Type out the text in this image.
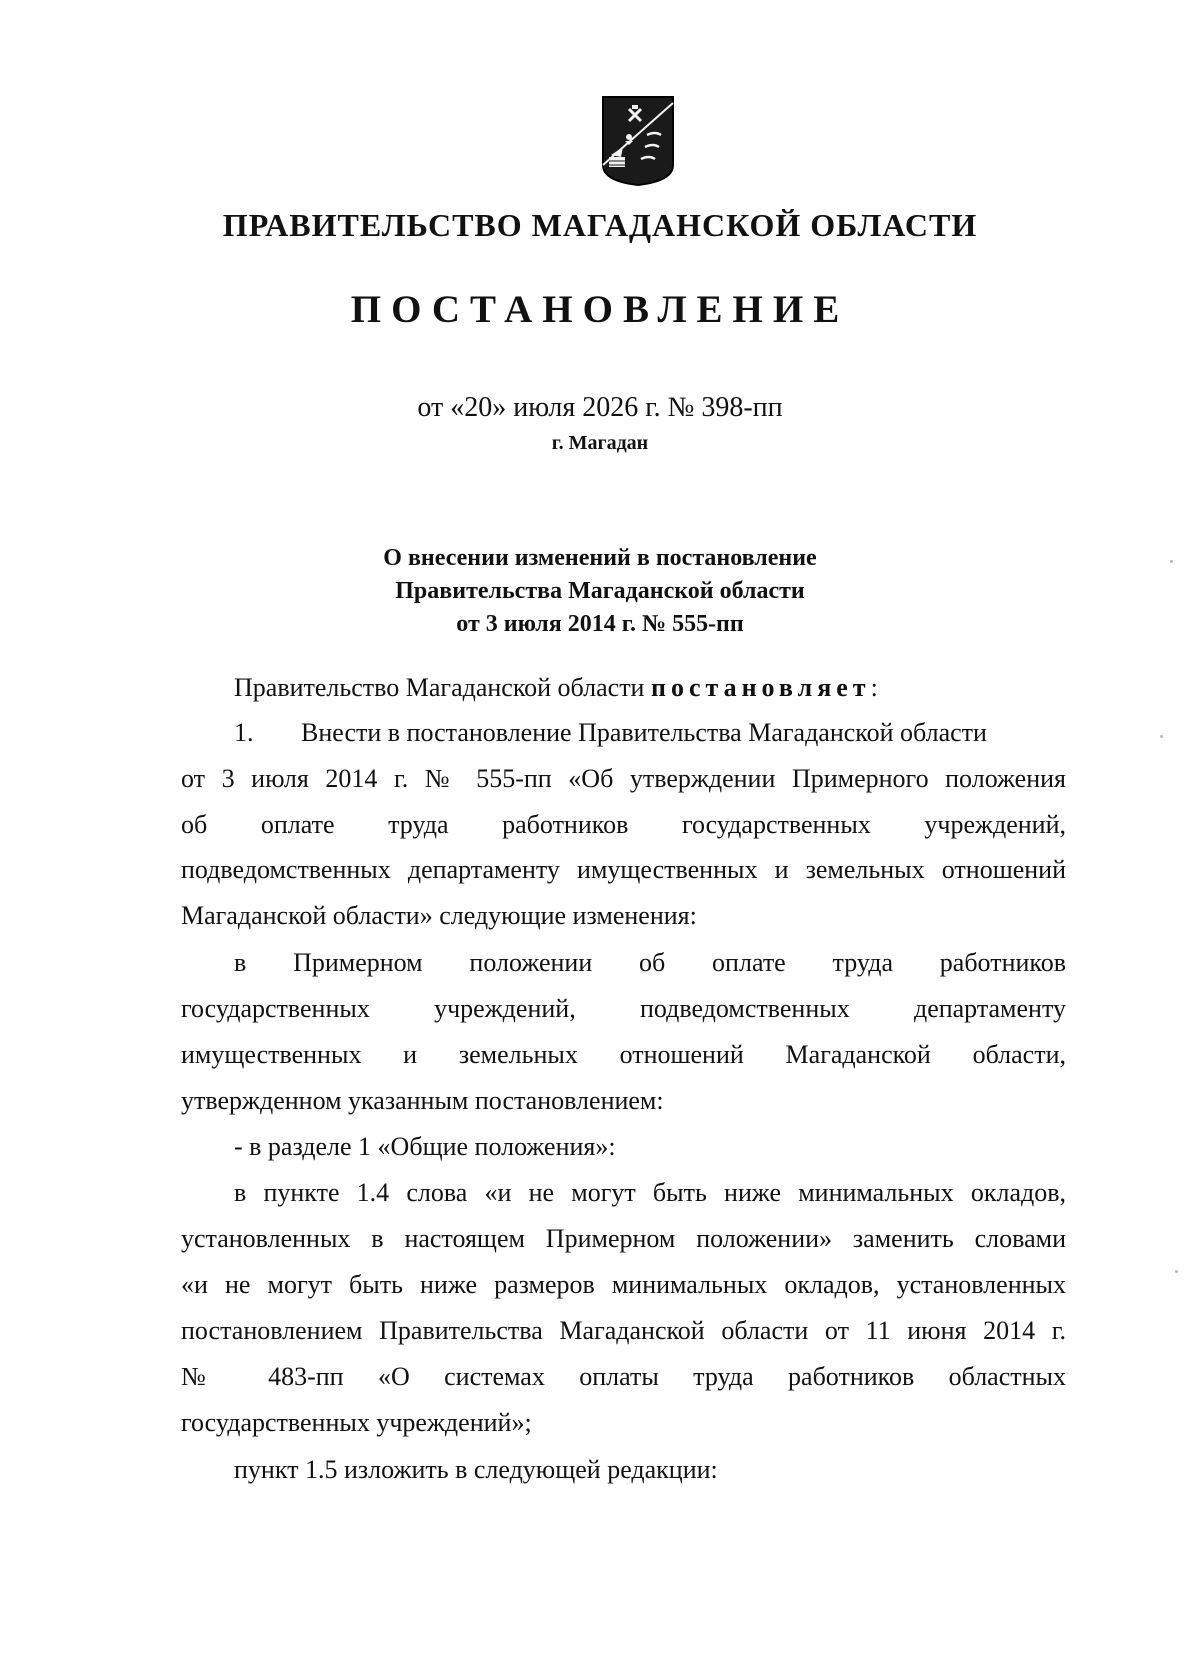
ПРАВИТЕЛЬСТВО МАГАДАНСКОЙ ОБЛАСТИ
ПОСТАНОВЛЕНИЕ
от «20» июля 2026 г. № 398-пп
г. Магадан
О внесении изменений в постановление
Правительства Магаданской области
от 3 июля 2014 г. № 555-пп
Правительство Магаданской области постановляет:
1. Внести в постановление Правительства Магаданской области
от 3 июля 2014 г. № 555-пп «Об утверждении Примерного положения
об оплате труда работников государственных учреждений,
подведомственных департаменту имущественных и земельных отношений
Магаданской области» следующие изменения:
в Примерном положении об оплате труда работников
государственных учреждений, подведомственных департаменту
имущественных и земельных отношений Магаданской области,
утвержденном указанным постановлением:
- в разделе 1 «Общие положения»:
в пункте 1.4 слова «и не могут быть ниже минимальных окладов,
установленных в настоящем Примерном положении» заменить словами
«и не могут быть ниже размеров минимальных окладов, установленных
постановлением Правительства Магаданской области от 11 июня 2014 г.
№ 483-пп «О системах оплаты труда работников областных
государственных учреждений»;
пункт 1.5 изложить в следующей редакции:
